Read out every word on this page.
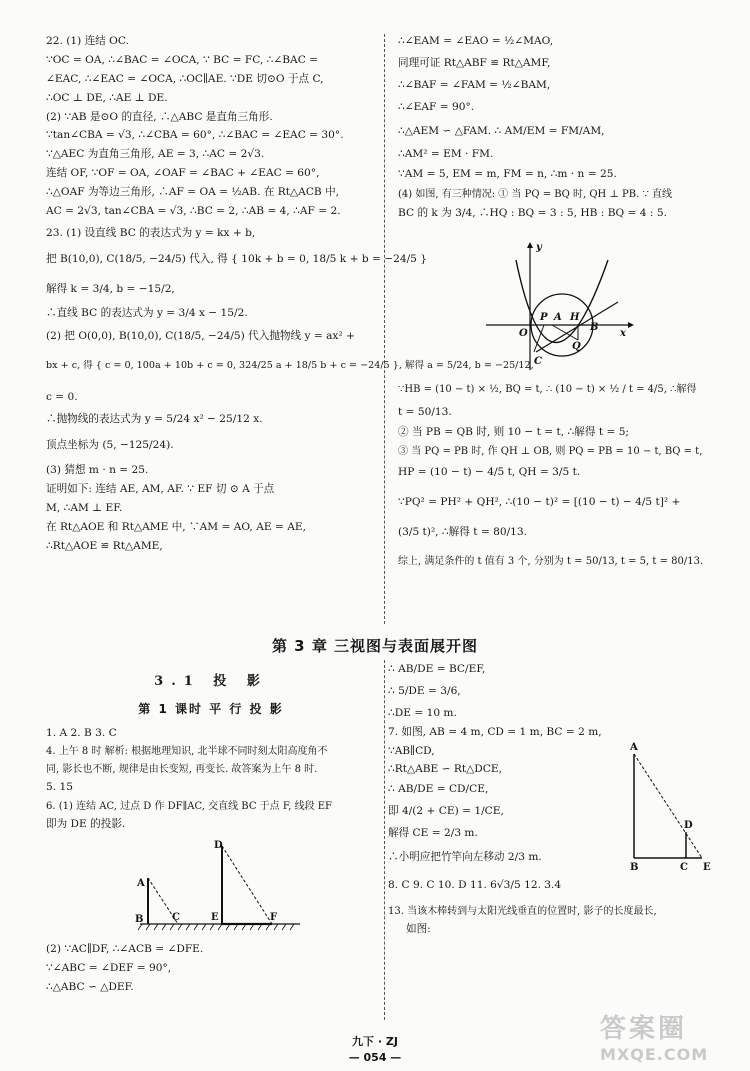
22. (1) 连结 OC.
∵OC = OA, ∴∠BAC = ∠OCA, ∵ BC = FC, ∴∠BAC =
∠EAC, ∴∠EAC = ∠OCA, ∴OC∥AE. ∵DE 切⊙O 于点 C,
∴OC ⊥ DE, ∴AE ⊥ DE.
(2) ∵AB 是⊙O 的直径, ∴△ABC 是直角三角形.
∵tan∠CBA = √3, ∴∠CBA = 60°, ∴∠BAC = ∠EAC = 30°.
∵△AEC 为直角三角形, AE = 3, ∴AC = 2√3.
连结 OF, ∵OF = OA, ∠OAF = ∠BAC + ∠EAC = 60°,
∴△OAF 为等边三角形, ∴AF = OA = ½AB. 在 Rt△ACB 中,
AC = 2√3, tan∠CBA = √3, ∴BC = 2, ∴AB = 4, ∴AF = 2.
23. (1) 设直线 BC 的表达式为 y = kx + b,
把 B(10,0), C(18/5, −24/5) 代入, 得 { 10k + b = 0, 18/5 k + b = −24/5 }
解得 k = 3/4, b = −15/2,
∴直线 BC 的表达式为 y = 3/4 x − 15/2.
(2) 把 O(0,0), B(10,0), C(18/5, −24/5) 代入抛物线 y = ax² +
bx + c, 得 { c = 0, 100a + 10b + c = 0, 324/25 a + 18/5 b + c = −24/5 }, 解得 a = 5/24, b = −25/12,
c = 0.
∴抛物线的表达式为 y = 5/24 x² − 25/12 x.
顶点坐标为 (5, −125/24).
(3) 猜想 m · n = 25.
证明如下: 连结 AE, AM, AF. ∵ EF 切 ⊙ A 于点
M, ∴AM ⊥ EF.
在 Rt△AOE 和 Rt△AME 中, ∵AM = AO, AE = AE,
∴Rt△AOE ≌ Rt△AME,
∴∠EAM = ∠EAO = ½∠MAO,
同理可证 Rt△ABF ≌ Rt△AMF,
∴∠BAF = ∠FAM = ½∠BAM,
∴∠EAF = 90°.
∴△AEM ∽ △FAM. ∴ AM/EM = FM/AM,
∴AM² = EM · FM.
∵AM = 5, EM = m, FM = n, ∴m · n = 25.
(4) 如图, 有三种情况: ① 当 PQ = BQ 时, QH ⊥ PB. ∵ 直线
BC 的 k 为 3/4, ∴HQ : BQ = 3 : 5, HB : BQ = 4 : 5.
y
O
P A H
B
x
Q
C
∵HB = (10 − t) × ½, BQ = t, ∴ (10 − t) × ½ / t = 4/5, ∴解得
t = 50/13.
② 当 PB = QB 时, 则 10 − t = t, ∴解得 t = 5;
③ 当 PQ = PB 时, 作 QH ⊥ OB, 则 PQ = PB = 10 − t, BQ = t,
HP = (10 − t) − 4/5 t, QH = 3/5 t.
∵PQ² = PH² + QH², ∴(10 − t)² = [(10 − t) − 4/5 t]² +
(3/5 t)², ∴解得 t = 80/13.
综上, 满足条件的 t 值有 3 个, 分别为 t = 50/13, t = 5, t = 80/13.
第 3 章 三视图与表面展开图
3.1 投 影
第 1 课时 平 行 投 影
1. A 2. B 3. C
4. 上午 8 时 解析: 根据地理知识, 北半球不同时刻太阳高度角不
同, 影长也不断, 规律是由长变短, 再变长. 故答案为上午 8 时.
5. 15
6. (1) 连结 AC, 过点 D 作 DF∥AC, 交直线 BC 于点 F, 线段 EF
即为 DE 的投影.
A
B	C
D
E	F
(2) ∵AC∥DF, ∴∠ACB = ∠DFE.
∵∠ABC = ∠DEF = 90°,
∴△ABC ∽ △DEF.
∴ AB/DE = BC/EF,
∴ 5/DE = 3/6,
∴DE = 10 m.
7. 如图, AB = 4 m, CD = 1 m, BC = 2 m,
∵AB∥CD,
∴Rt△ABE ∽ Rt△DCE,
∴ AB/DE = CD/CE,
即 4/(2 + CE) = 1/CE,
解得 CE = 2/3 m.
∴小明应把竹竿向左移动 2/3 m.
8. C 9. C 10. D 11. 6√3/5 12. 3.4
13. 当该木棒转到与太阳光线垂直的位置时, 影子的长度最长,
如图:
A
D
B	C E
九下 · ZJ
— 054 —
答案圈
MXQE.COM
